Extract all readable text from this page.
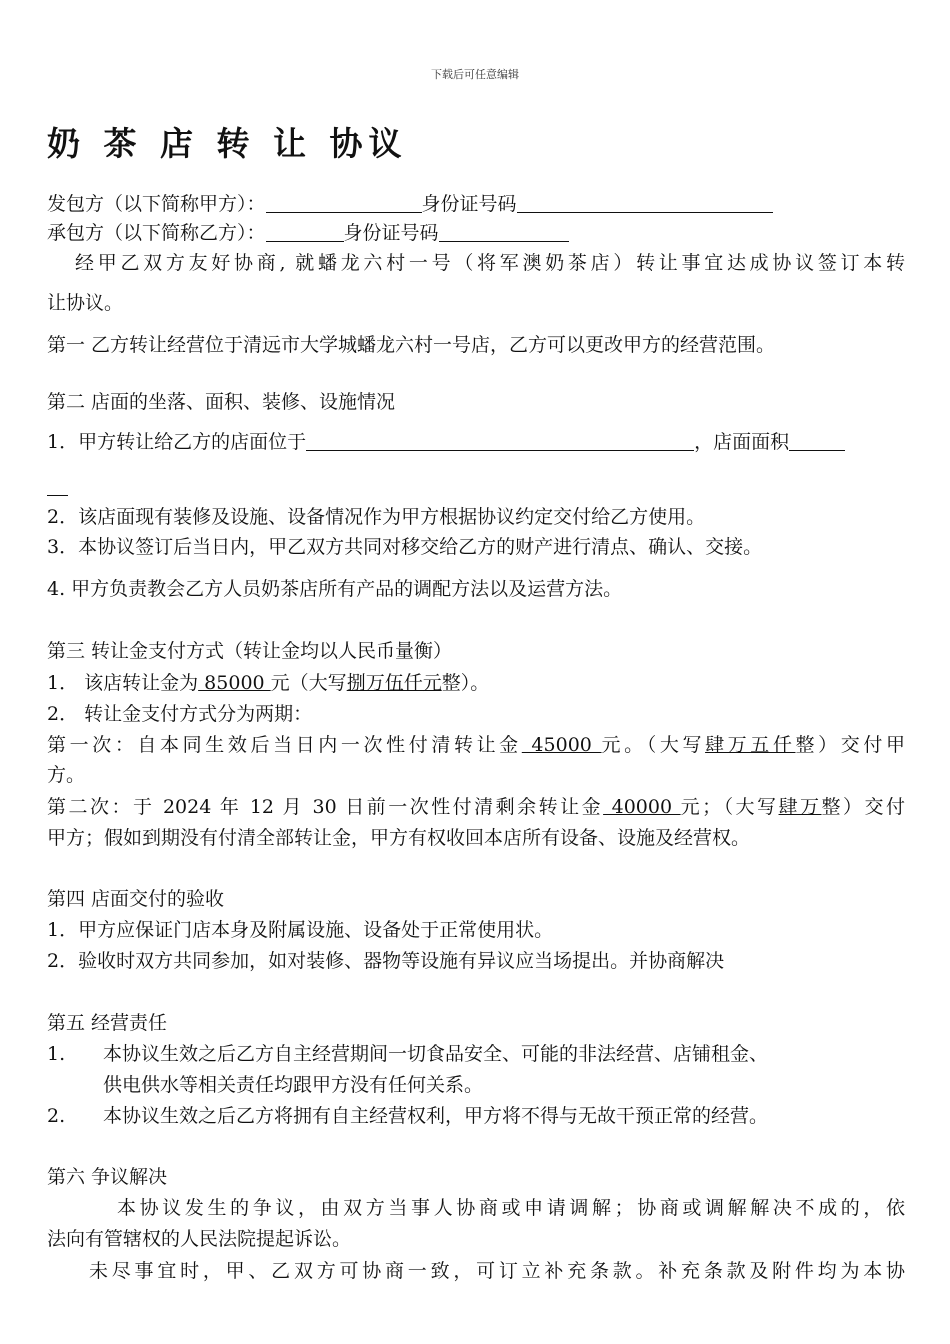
下载后可任意编辑
奶 茶 店 转 让 协议

发包方（以下简称甲方）：	身份证号码

承包方（以下简称乙方）：	身份证号码

经甲乙双方友好协商, 就蟠龙六村一号（将军澳奶茶店）转让事宜达成协议签订本转

让协议。

第一 乙方转让经营位于清远市大学城蟠龙六村一号店，乙方可以更改甲方的经营范围。

第二 店面的坐落、面积、装修、设施情况

1．甲方转让给乙方的店面位于	，店面面积

2．该店面现有装修及设施、设备情况作为甲方根据协议约定交付给乙方使用。

3．本协议签订后当日内，甲乙双方共同对移交给乙方的财产进行清点、确认、交接。

4. 甲方负责教会乙方人员奶茶店所有产品的调配方法以及运营方法。

第三 转让金支付方式（转让金均以人民币量衡）

1． 该店转让金为 85000 元（大写捌万伍仟元整）。

2． 转让金支付方式分为两期：

第一次：自本同生效后当日内一次性付清转让金 45000 元。（大写肆万五仟整）交付甲

方。

第二次：于 2024 年 12 月 30 日前一次性付清剩余转让金 40000 元；（大写肆万整）交付

甲方；假如到期没有付清全部转让金，甲方有权收回本店所有设备、设施及经营权。

第四 店面交付的验收

1．甲方应保证门店本身及附属设施、设备处于正常使用状。

2．验收时双方共同参加，如对装修、器物等设施有异议应当场提出。并协商解决

第五 经营责任

1.	本协议生效之后乙方自主经营期间一切食品安全、可能的非法经营、店铺租金、

供电供水等相关责任均跟甲方没有任何关系。

2.	本协议生效之后乙方将拥有自主经营权利，甲方将不得与无故干预正常的经营。

第六 争议解决

本协议发生的争议，由双方当事人协商或申请调解；协商或调解解决不成的，依

法向有管辖权的人民法院提起诉讼。

未尽事宜时，甲、乙双方可协商一致，可订立补充条款。补充条款及附件均为本协
